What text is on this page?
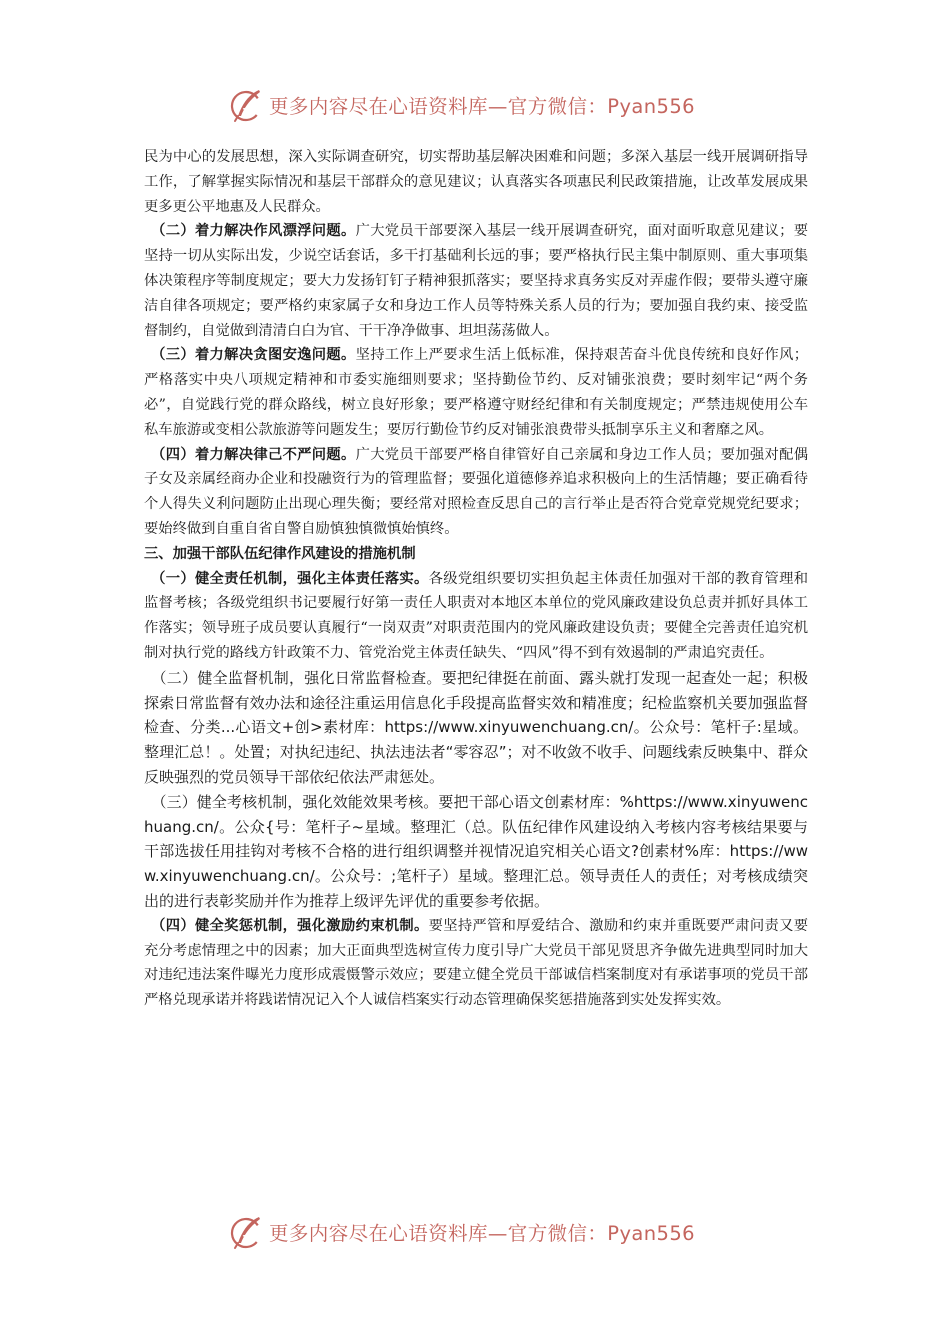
更多内容尽在心语资料库—官方微信：Pyan556

民为中心的发展思想，深入实际调查研究，切实帮助基层解决困难和问题；多深入基层一线开展调研指导工作，了解掌握实际情况和基层干部群众的意见建议；认真落实各项惠民利民政策措施，让改革发展成果更多更公平地惠及人民群众。

（二）着力解决作风漂浮问题。广大党员干部要深入基层一线开展调查研究，面对面听取意见建议；要坚持一切从实际出发，少说空话套话，多干打基础利长远的事；要严格执行民主集中制原则、重大事项集体决策程序等制度规定；要大力发扬钉钉子精神狠抓落实；要坚持求真务实反对弄虚作假；要带头遵守廉洁自律各项规定；要严格约束家属子女和身边工作人员等特殊关系人员的行为；要加强自我约束、接受监督制约，自觉做到清清白白为官、干干净净做事、坦坦荡荡做人。

（三）着力解决贪图安逸问题。坚持工作上严要求生活上低标准，保持艰苦奋斗优良传统和良好作风；严格落实中央八项规定精神和市委实施细则要求；坚持勤俭节约、反对铺张浪费；要时刻牢记“两个务必”，自觉践行党的群众路线，树立良好形象；要严格遵守财经纪律和有关制度规定；严禁违规使用公车私车旅游或变相公款旅游等问题发生；要厉行勤俭节约反对铺张浪费带头抵制享乐主义和奢靡之风。

（四）着力解决律己不严问题。广大党员干部要严格自律管好自己亲属和身边工作人员；要加强对配偶子女及亲属经商办企业和投融资行为的管理监督；要强化道德修养追求积极向上的生活情趣；要正确看待个人得失义利问题防止出现心理失衡；要经常对照检查反思自己的言行举止是否符合党章党规党纪要求；要始终做到自重自省自警自励慎独慎微慎始慎终。

三、加强干部队伍纪律作风建设的措施机制

（一）健全责任机制，强化主体责任落实。各级党组织要切实担负起主体责任加强对干部的教育管理和监督考核；各级党组织书记要履行好第一责任人职责对本地区本单位的党风廉政建设负总责并抓好具体工作落实；领导班子成员要认真履行“一岗双责”对职责范围内的党风廉政建设负责；要健全完善责任追究机制对执行党的路线方针政策不力、管党治党主体责任缺失、“四风”得不到有效遏制的严肃追究责任。

（二）健全监督机制，强化日常监督检查。要把纪律挺在前面、露头就打发现一起查处一起；积极探索日常监督有效办法和途径注重运用信息化手段提高监督实效和精准度；纪检监察机关要加强监督检查、分类...心语文+创>素材库：https://www.xinyuwenchuang.cn/。公众号：笔杆子:星域。整理汇总！。处置；对执纪违纪、执法违法者“零容忍”；对不收敛不收手、问题线索反映集中、群众反映强烈的党员领导干部依纪依法严肃惩处。

（三）健全考核机制，强化效能效果考核。要把干部心语文创素材库：%https://www.xinyuwenchuang.cn/。公众{号：笔杆子~星域。整理汇（总。队伍纪律作风建设纳入考核内容考核结果要与干部选拔任用挂钩对考核不合格的进行组织调整并视情况追究相关心语文?创素材%库：https://www.xinyuwenchuang.cn/。公众号：;笔杆子）星域。整理汇总。领导责任人的责任；对考核成绩突出的进行表彰奖励并作为推荐上级评先评优的重要参考依据。

（四）健全奖惩机制，强化激励约束机制。要坚持严管和厚爱结合、激励和约束并重既要严肃问责又要充分考虑情理之中的因素；加大正面典型选树宣传力度引导广大党员干部见贤思齐争做先进典型同时加大对违纪违法案件曝光力度形成震慑警示效应；要建立健全党员干部诚信档案制度对有承诺事项的党员干部严格兑现承诺并将践诺情况记入个人诚信档案实行动态管理确保奖惩措施落到实处发挥实效。

更多内容尽在心语资料库—官方微信：Pyan556
